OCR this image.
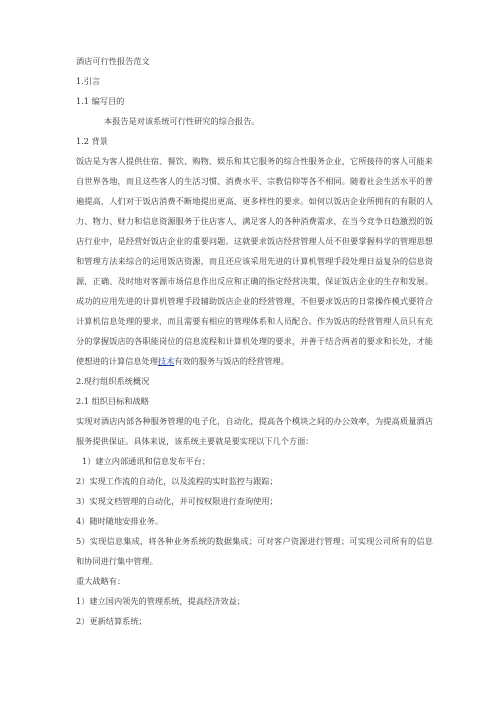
酒店可行性报告范文
1.引言
1.1 编写目的
本报告是对该系统可行性研究的综合报告。
1.2 背景
饭店是为客人提供住宿、餐饮、购物、娱乐和其它服务的综合性服务企业，它所接待的客人可能来自世界各地，而且这些客人的生活习惯、消费水平、宗教信仰等各不相同。随着社会生活水平的普遍提高，人们对于饭店消费不断地提出更高、更多样性的要求。如何以饭店企业所拥有的有限的人力、物力、财力和信息资源服务于住店客人，满足客人的各种消费需求，在当今竞争日趋激烈的饭店行业中，是经营好饭店企业的重要问题。这就要求饭店经营管理人员不但要掌握科学的管理思想和管理方法来综合的运用饭店资源，而且还应该采用先进的计算机管理手段处理日益复杂的信息资源，正确、及时地对客源市场信息作出反应和正确的指定经营决策，保证饭店企业的生存和发展。成功的应用先进的计算机管理手段辅助饭店企业的经营管理，不但要求饭店的日常操作模式要符合计算机信息处理的要求，而且需要有相应的管理体系和人员配合。作为饭店的经营管理人员只有充分的掌握饭店的各职能岗位的信息流程和计算机处理的要求，并善于结合两者的要求和长处，才能使想进的计算信息处理技术有效的服务与饭店的经营管理。
2.现行组织系统概况
2.1 组织目标和战略
实现对酒店内部各种服务管理的电子化，自动化，提高各个模块之间的办公效率，为提高质量酒店服务提供保证。具体来说，该系统主要就是要实现以下几个方面：
1）建立内部通讯和信息发布平台；
2）实现工作流的自动化，以及流程的实时监控与跟踪；
3）实现文档管理的自动化，并可按权限进行查询使用；
4）随时随地安排业务。
5）实现信息集成，将各种业务系统的数据集成；可对客户资源进行管理；可实现公司所有的信息和协同进行集中管理。
重大战略有：
1）建立国内领先的管理系统，提高经济效益；
2）更新结算系统；
